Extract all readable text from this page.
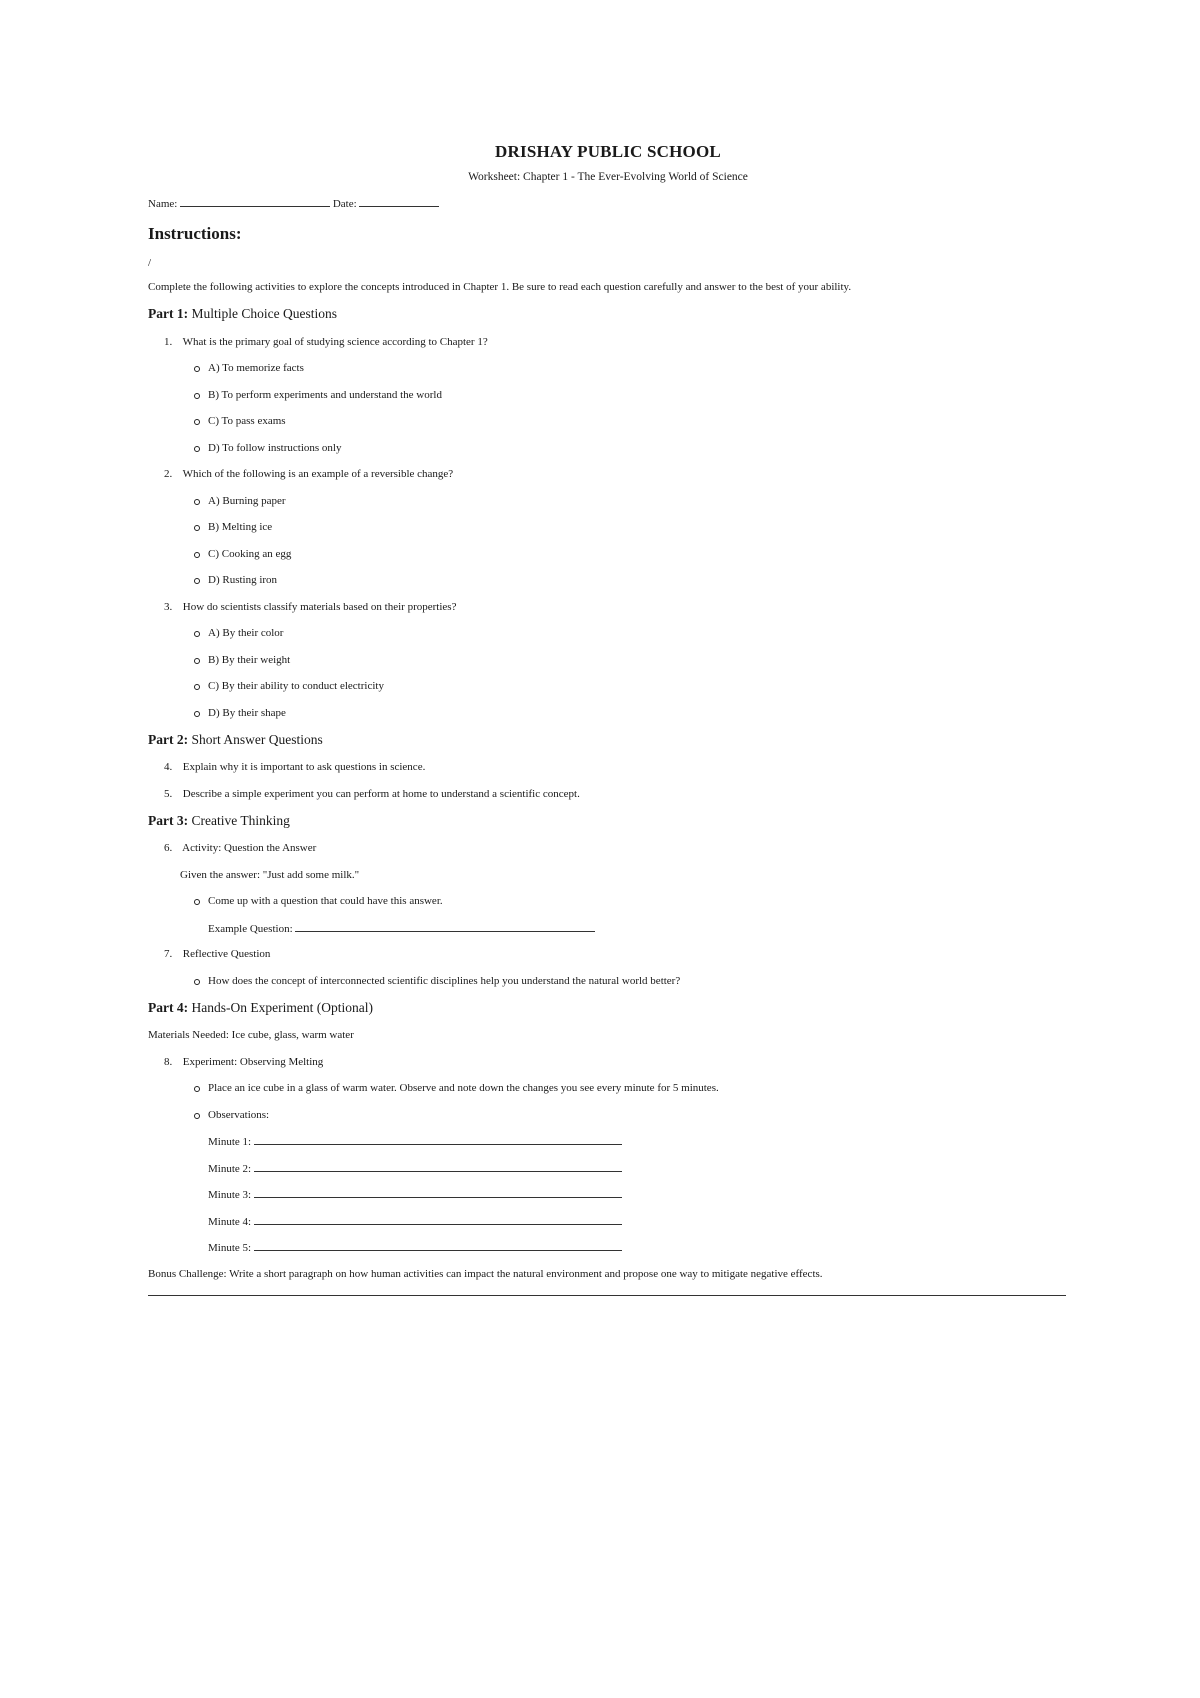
DRISHAY PUBLIC SCHOOL
Worksheet: Chapter 1 - The Ever-Evolving World of Science
Name:	Date:
Instructions:
/
Complete the following activities to explore the concepts introduced in Chapter 1. Be sure to read each question carefully and answer to the best of your ability.
Part 1: Multiple Choice Questions
1. What is the primary goal of studying science according to Chapter 1?
A) To memorize facts
B) To perform experiments and understand the world
C) To pass exams
D) To follow instructions only
2. Which of the following is an example of a reversible change?
A) Burning paper
B) Melting ice
C) Cooking an egg
D) Rusting iron
3. How do scientists classify materials based on their properties?
A) By their color
B) By their weight
C) By their ability to conduct electricity
D) By their shape
Part 2: Short Answer Questions
4. Explain why it is important to ask questions in science.
5. Describe a simple experiment you can perform at home to understand a scientific concept.
Part 3: Creative Thinking
6. Activity: Question the Answer
Given the answer: "Just add some milk."
Come up with a question that could have this answer.
Example Question:
7. Reflective Question
How does the concept of interconnected scientific disciplines help you understand the natural world better?
Part 4: Hands-On Experiment (Optional)
Materials Needed: Ice cube, glass, warm water
8. Experiment: Observing Melting
Place an ice cube in a glass of warm water. Observe and note down the changes you see every minute for 5 minutes.
Observations:
Minute 1:
Minute 2:
Minute 3:
Minute 4:
Minute 5:
Bonus Challenge: Write a short paragraph on how human activities can impact the natural environment and propose one way to mitigate negative effects.
